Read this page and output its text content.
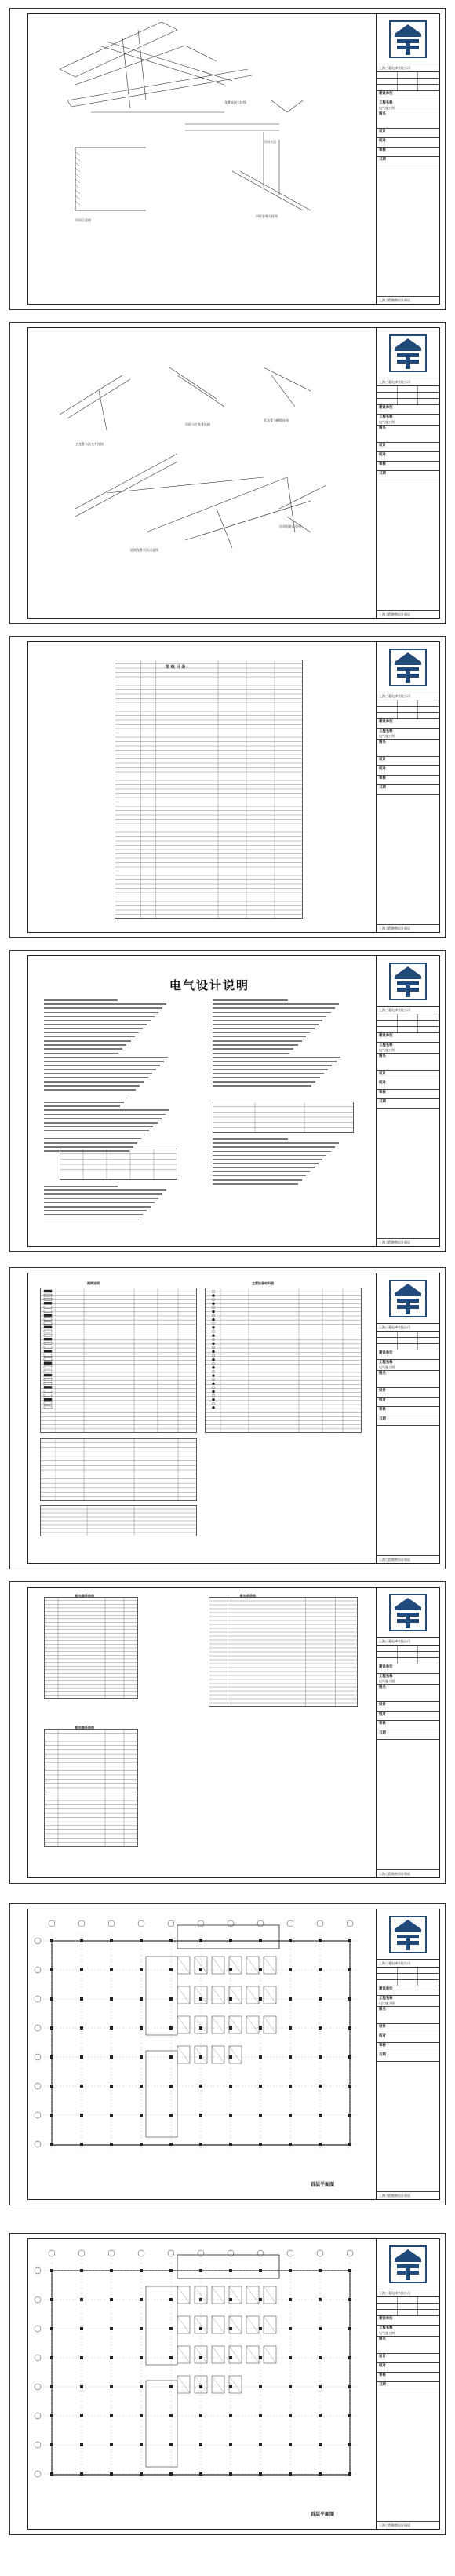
吊顶示意图
吊顶节点
吊杆安装大样图
龙骨连接大样图
上海三菱电梯有限公司
建设单位
工程名称
电气施工图
图名
设计
校对
审核
日期
上海工程勘察设计资质
主龙骨与次龙骨连接
吊杆与主龙骨连接
次龙骨与横撑连接
吊顶组装示意图
轻钢龙骨吊顶示意图
上海三菱电梯有限公司
建设单位
工程名称
电气施工图
图名
设计
校对
审核
日期
上海工程勘察设计资质
图 纸 目 录
上海三菱电梯有限公司
建设单位
工程名称
电气施工图
图名
设计
校对
审核
日期
上海工程勘察设计资质
电气设计说明
上海三菱电梯有限公司
建设单位
工程名称
电气施工图
图名
设计
校对
审核
日期
上海工程勘察设计资质
图例说明	主要设备材料表
上海三菱电梯有限公司
建设单位
工程名称
电气施工图
图名
设计
校对
审核
日期
上海工程勘察设计资质
配电箱系统图	配电系统图
配电箱系统图
上海三菱电梯有限公司
建设单位
工程名称
电气施工图
图名
设计
校对
审核
日期
上海工程勘察设计资质
首层平面图
上海三菱电梯有限公司
建设单位
工程名称
电气施工图
图名
设计
校对
审核
日期
上海工程勘察设计资质
首层平面图
上海三菱电梯有限公司
建设单位
工程名称
电气施工图
图名
设计
校对
审核
日期
上海工程勘察设计资质
